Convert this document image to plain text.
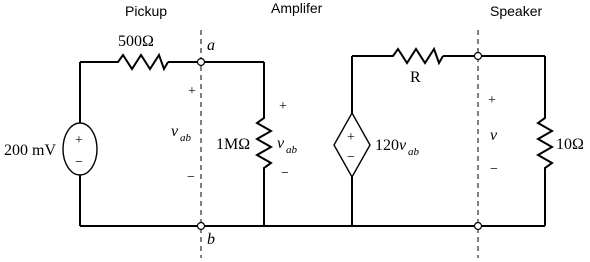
Pickup	Amplifer	Speaker
500Ω
+
−
200 mV
a
b
+
v ab
−
1MΩ
+
v ab
−
+
−
120 v ab
R
+
v
−
10Ω
